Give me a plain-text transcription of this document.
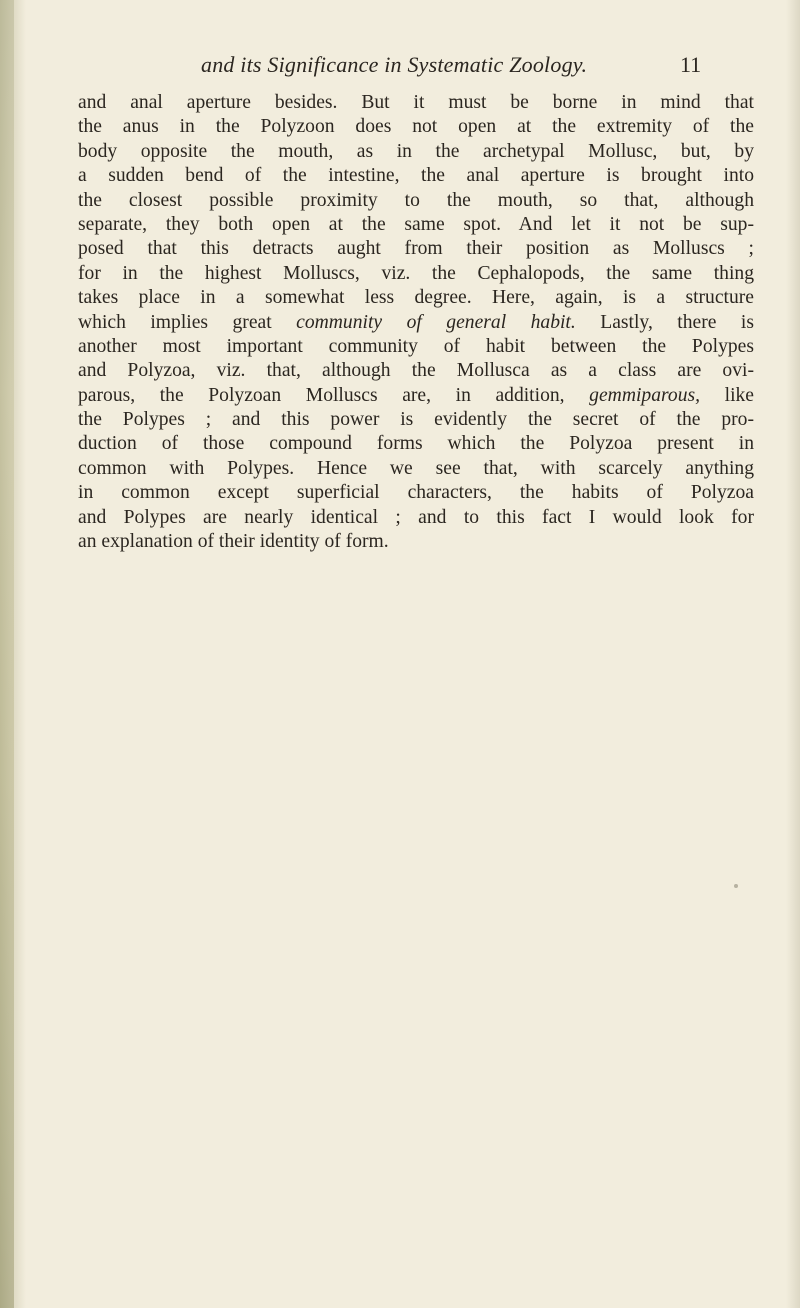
and its Significance in Systematic Zoology.	11
and anal aperture besides. But it must be borne in mind that
the anus in the Polyzoon does not open at the extremity of the
body opposite the mouth, as in the archetypal Mollusc, but, by
a sudden bend of the intestine, the anal aperture is brought into
the closest possible proximity to the mouth, so that, although
separate, they both open at the same spot. And let it not be sup-
posed that this detracts aught from their position as Molluscs ;
for in the highest Molluscs, viz. the Cephalopods, the same thing
takes place in a somewhat less degree. Here, again, is a structure
which implies great community of general habit. Lastly, there is
another most important community of habit between the Polypes
and Polyzoa, viz. that, although the Mollusca as a class are ovi-
parous, the Polyzoan Molluscs are, in addition, gemmiparous, like
the Polypes ; and this power is evidently the secret of the pro-
duction of those compound forms which the Polyzoa present in
common with Polypes. Hence we see that, with scarcely anything
in common except superficial characters, the habits of Polyzoa
and Polypes are nearly identical ; and to this fact I would look for
an explanation of their identity of form.
